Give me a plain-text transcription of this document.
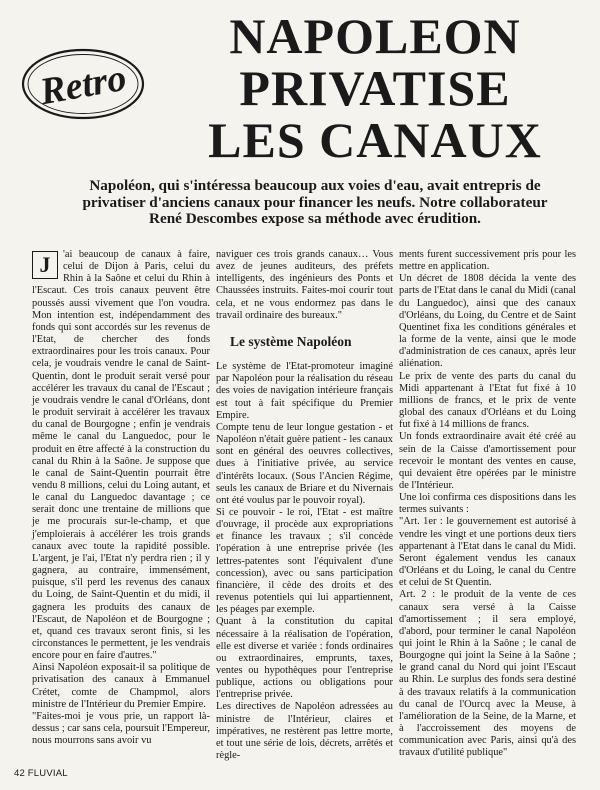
Retro
NAPOLEON
PRIVATISE
LES CANAUX

Napoléon, qui s'intéressa beaucoup aux voies d'eau, avait entrepris de privatiser d'anciens canaux pour financer les neufs. Notre collaborateur René Descombes expose sa méthode avec érudition.

J	'ai beaucoup de canaux à faire, celui de Dijon à Paris, celui du Rhin à la Saône et celui du Rhin à l'Escaut. Ces trois canaux peuvent être poussés aussi vivement que l'on voudra. Mon intention est, indépendamment des fonds qui sont accordés sur les revenus de l'Etat, de chercher des fonds extraordinaires pour les trois canaux. Pour cela, je voudrais vendre le canal de Saint-Quentin, dont le produit serait versé pour accélérer les travaux du canal de l'Escaut ; je voudrais vendre le canal d'Orléans, dont le produit servirait à accélérer les travaux du canal de Bourgogne ; enfin je vendrais même le canal du Languedoc, pour le produit en être affecté à la construction du canal du Rhin à la Saône. Je suppose que le canal de Saint-Quentin pourrait être vendu 8 millions, celui du Loing autant, et le canal du Languedoc davantage ; ce serait donc une trentaine de millions que je me procurais sur-le-champ, et que j'emploierais à accélérer les trois grands canaux avec toute la rapidité possible. L'argent, je l'ai, l'Etat n'y perdra rien ; il y gagnera, au contraire, immensément, puisque, s'il perd les revenus des canaux du Loing, de Saint-Quentin et du midi, il gagnera les produits des canaux de l'Escaut, de Napoléon et de Bourgogne ; et, quand ces travaux seront finis, si les circonstances le permettent, je les vendrais encore pour en faire d'autres."

Ainsi Napoléon exposait-il sa politique de privatisation des canaux à Emmanuel Crétet, comte de Champmol, alors ministre de l'Intérieur du Premier Empire.

"Faites-moi je vous prie, un rapport là-dessus ; car sans cela, poursuit l'Empereur, nous mourrons sans avoir vu

naviguer ces trois grands canaux… Vous avez de jeunes auditeurs, des préfets intelligents, des ingénieurs des Ponts et Chaussées instruits. Faites-moi courir tout cela, et ne vous endormez pas dans le travail ordinaire des bureaux."

Le système Napoléon

Le système de l'Etat-promoteur imaginé par Napoléon pour la réalisation du réseau des voies de navigation intérieure français est tout à fait spécifique du Premier Empire.

Compte tenu de leur longue gestation - et Napoléon n'était guère patient - les canaux sont en général des oeuvres collectives, dues à l'initiative privée, au service d'intérêts locaux. (Sous l'Ancien Régime, seuls les canaux de Briare et du Nivernais ont été voulus par le pouvoir royal).

Si ce pouvoir - le roi, l'Etat - est maître d'ouvrage, il procède aux expropriations et finance les travaux ; s'il concède l'opération à une entreprise privée (les lettres-patentes sont l'équivalent d'une concession), avec ou sans participation financière, il cède des droits et des revenus potentiels qui lui appartiennent, les péages par exemple.

Quant à la constitution du capital nécessaire à la réalisation de l'opération, elle est diverse et variée : fonds ordinaires ou extraordinaires, emprunts, taxes, ventes ou hypothèques pour l'entreprise publique, actions ou obligations pour l'entreprise privée.

Les directives de Napoléon adressées au ministre de l'Intérieur, claires et impératives, ne restèrent pas lettre morte, et tout une série de lois, décrets, arrêtés et règle-

ments furent successivement pris pour les mettre en application.

Un décret de 1808 décida la vente des parts de l'Etat dans le canal du Midi (canal du Languedoc), ainsi que des canaux d'Orléans, du Loing, du Centre et de Saint Quentinet fixa les conditions générales et la forme de la vente, ainsi que le mode d'administration de ces canaux, après leur aliénation.

Le prix de vente des parts du canal du Midi appartenant à l'Etat fut fixé à 10 millions de francs, et le prix de vente global des canaux d'Orléans et du Loing fut fixé à 14 millions de francs.

Un fonds extraordinaire avait été créé au sein de la Caisse d'amortissement pour recevoir le montant des ventes en cause, qui devaient être opérées par le ministre de l'Intérieur.

Une loi confirma ces dispositions dans les termes suivants :

"Art. 1er : le gouvernement est autorisé à vendre les vingt et une portions deux tiers appartenant à l'Etat dans le canal du Midi. Seront également vendus les canaux d'Orléans et du Loing, le canal du Centre et celui de St Quentin.

Art. 2 : le produit de la vente de ces canaux sera versé à la Caisse d'amortissement ; il sera employé, d'abord, pour terminer le canal Napoléon qui joint le Rhin à la Saône ; le canal de Bourgogne qui joint la Seine à la Saône ; le grand canal du Nord qui joint l'Escaut au Rhin. Le surplus des fonds sera destiné à des travaux relatifs à la communication du canal de l'Ourcq avec la Meuse, à l'amélioration de la Seine, de la Marne, et à l'accroissement des moyens de communication avec Paris, ainsi qu'à des travaux d'utilité publique"

42 FLUVIAL
